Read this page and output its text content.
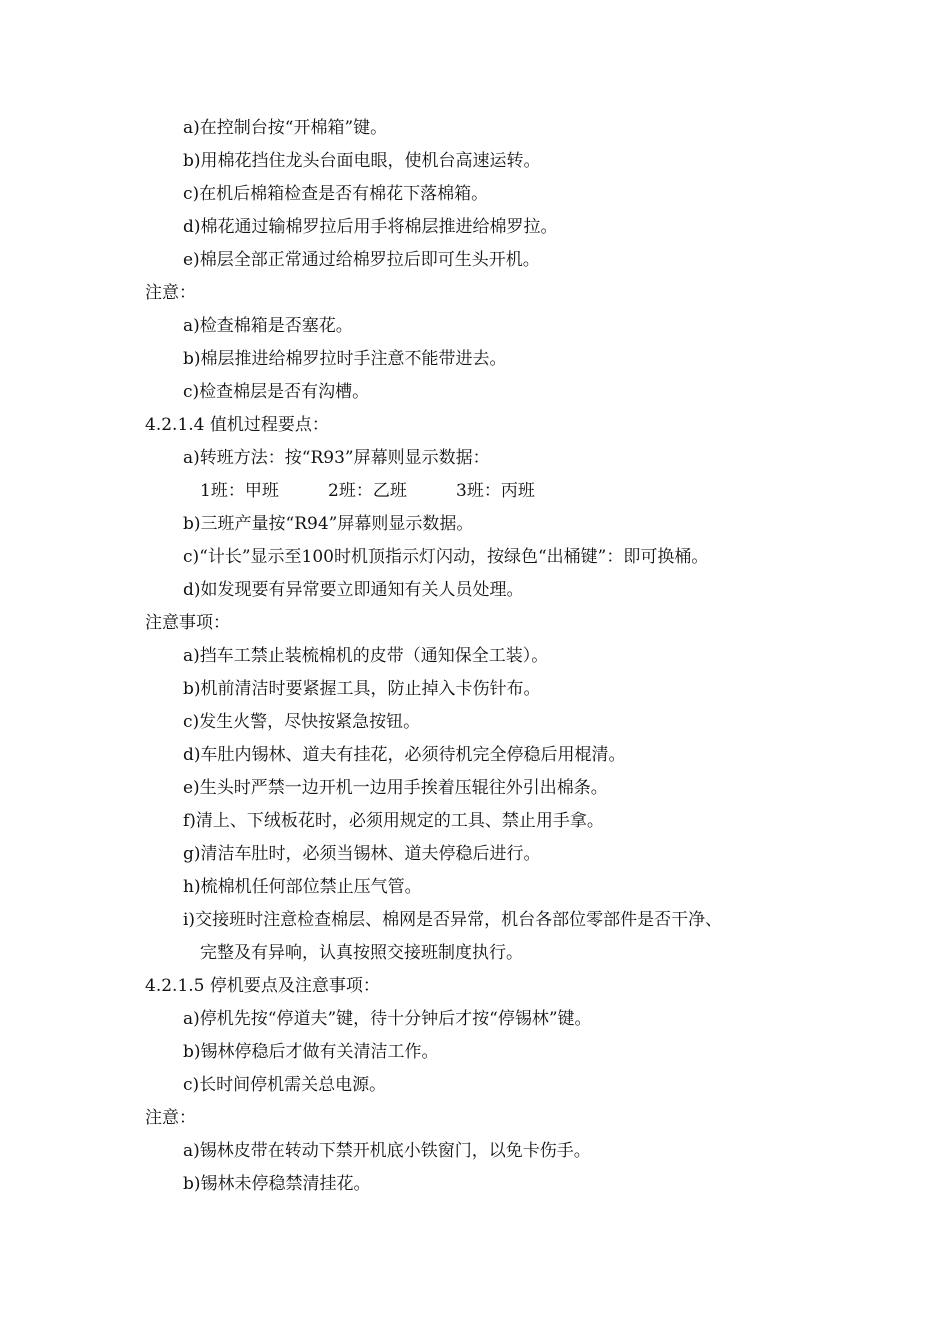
a)在控制台按“开棉箱”键。
b)用棉花挡住龙头台面电眼，使机台高速运转。
c)在机后棉箱检查是否有棉花下落棉箱。
d)棉花通过输棉罗拉后用手将棉层推进给棉罗拉。
e)棉层全部正常通过给棉罗拉后即可生头开机。
注意：
a)检查棉箱是否塞花。
b)棉层推进给棉罗拉时手注意不能带进去。
c)检查棉层是否有沟槽。
4.2.1.4 值机过程要点：
a)转班方法：按“R93”屏幕则显示数据：
1班：甲班	2班：乙班	3班：丙班
b)三班产量按“R94”屏幕则显示数据。
c)“计长”显示至100时机顶指示灯闪动，按绿色“出桶键”：即可换桶。
d)如发现要有异常要立即通知有关人员处理。
注意事项：
a)挡车工禁止装梳棉机的皮带（通知保全工装）。
b)机前清洁时要紧握工具，防止掉入卡伤针布。
c)发生火警，尽快按紧急按钮。
d)车肚内锡林、道夫有挂花，必须待机完全停稳后用棍清。
e)生头时严禁一边开机一边用手挨着压辊往外引出棉条。
f)清上、下绒板花时，必须用规定的工具、禁止用手拿。
g)清洁车肚时，必须当锡林、道夫停稳后进行。
h)梳棉机任何部位禁止压气管。
i)交接班时注意检查棉层、棉网是否异常，机台各部位零部件是否干净、
完整及有异响，认真按照交接班制度执行。
4.2.1.5 停机要点及注意事项：
a)停机先按“停道夫”键，待十分钟后才按“停锡林”键。
b)锡林停稳后才做有关清洁工作。
c)长时间停机需关总电源。
注意：
a)锡林皮带在转动下禁开机底小铁窗门，以免卡伤手。
b)锡林未停稳禁清挂花。
